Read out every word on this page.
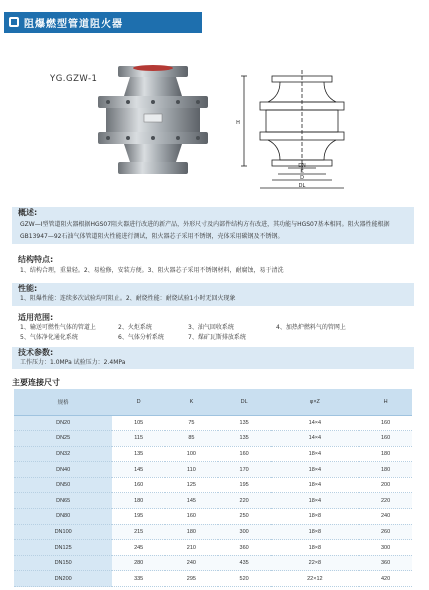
阻爆燃型管道阻火器
YG.GZW-1
H
DN
K
D
DL
概述:
GZW—Ⅰ型管道阻火器根据HGS07阻火器进行改进的新产品，外形尺寸及内部件结构方有改进，其功能与HGS07基本相同。阻火器性能根据GB13947—92石油气体管道阻火性能进行测试，阻火器芯子采用不锈钢，壳体采用碳钢及不锈钢。
结构特点:
1、结构合理，重量轻。2、易检修，安装方便。3、阻火器芯子采用不锈钢材料，耐腐蚀，易于清洗
性能:
1、阻爆性能：连续多次试验均可阻止。2、耐烧性能：耐烧试验1小时无回火现象
适用范围:
1、输送可燃性气体的管道上	2、火炬系统	3、油气回收系统	4、加热炉燃料气的管网上
5、气体净化通化系统	6、气体分析系统	7、煤矿瓦斯排放系统
技术参数:
工作压力：1.0MPa 试验压力：2.4MPa
主要连接尺寸
规格	D	K	DL	φ×Z	H
DN20	105	75	135	14×4	160
DN25	115	85	135	14×4	160
DN32	135	100	160	18×4	180
DN40	145	110	170	18×4	180
DN50	160	125	195	18×4	200
DN65	180	145	220	18×4	220
DN80	195	160	250	18×8	240
DN100	215	180	300	18×8	260
DN125	245	210	360	18×8	300
DN150	280	240	435	22×8	360
DN200	335	295	520	22×12	420
